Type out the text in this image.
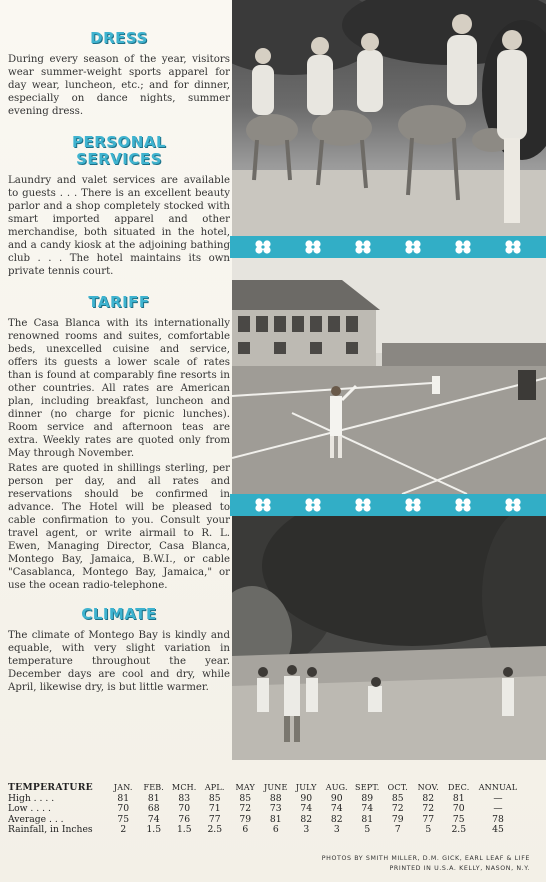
DRESS

During every season of the year, visitors wear summer-weight sports apparel for day wear, luncheon, etc.; and for dinner, especially on dance nights, summer evening dress.

PERSONAL SERVICES

Laundry and valet services are available to guests . . . There is an excellent beauty parlor and a shop completely stocked with smart imported apparel and other merchandise, both situated in the hotel, and a candy kiosk at the adjoining bathing club . . . The hotel maintains its own private tennis court.

TARIFF

The Casa Blanca with its internationally renowned rooms and suites, comfortable beds, unexcelled cuisine and service, offers its guests a lower scale of rates than is found at comparably fine resorts in other countries. All rates are American plan, including breakfast, luncheon and dinner (no charge for picnic lunches). Room service and afternoon teas are extra. Weekly rates are quoted only from May through November.

Rates are quoted in shillings sterling, per person per day, and all rates and reservations should be confirmed in advance. The Hotel will be pleased to cable confirmation to you. Consult your travel agent, or write airmail to R. L. Ewen, Managing Director, Casa Blanca, Montego Bay, Jamaica, B.W.I., or cable "Casablanca, Montego Bay, Jamaica," or use the ocean radio-telephone.

CLIMATE

The climate of Montego Bay is kindly and equable, with very slight variation in temperature throughout the year. December days are cool and dry, while April, likewise dry, is but little warmer.

TEMPERATURE	JAN.	FEB. MCH.	APL.	MAY	JUNE	JULY	AUG. SEPT.	OCT.	NOV.	DEC.	ANNUAL
High . . . .	81	81	83	85	85	88	90	90	89	85	82	81	—
Low . . . .	70	68	70	71	72	73	74	74	74	72	72	70	—
Average . . .	75	74	76	77	79	81	82	82	81	79	77	75	78
Rainfall, in Inches	2	1.5	1.5	2.5	6	6	3	3	5	7	5	2.5	45
PHOTOS BY SMITH MILLER, D.M. GICK, EARL LEAF & LIFE
PRINTED IN U.S.A. KELLY, NASON, N.Y.
